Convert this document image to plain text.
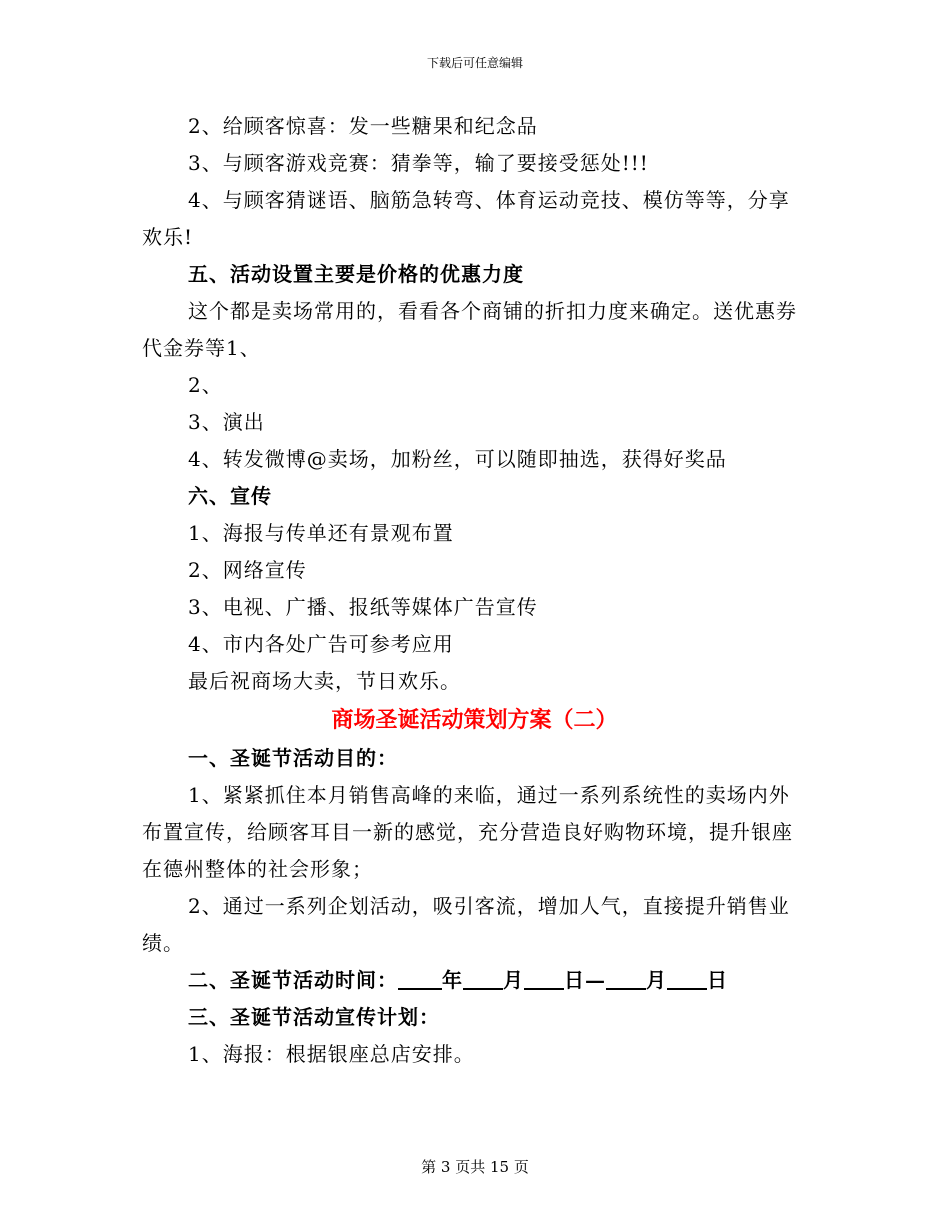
下载后可任意编辑

2、给顾客惊喜：发一些糖果和纪念品

3、与顾客游戏竞赛：猜拳等，输了要接受惩处!!!

4、与顾客猜谜语、脑筋急转弯、体育运动竞技、模仿等等，分享欢乐!

五、活动设置主要是价格的优惠力度

这个都是卖场常用的，看看各个商铺的折扣力度来确定。送优惠券代金券等1、

2、

3、演出

4、转发微博@卖场，加粉丝，可以随即抽选，获得好奖品

六、宣传

1、海报与传单还有景观布置

2、网络宣传

3、电视、广播、报纸等媒体广告宣传

4、市内各处广告可参考应用

最后祝商场大卖，节日欢乐。

商场圣诞活动策划方案（二）

一、圣诞节活动目的：

1、紧紧抓住本月销售高峰的来临，通过一系列系统性的卖场内外布置宣传，给顾客耳目一新的感觉，充分营造良好购物环境，提升银座在德州整体的社会形象；

2、通过一系列企划活动，吸引客流，增加人气，直接提升销售业绩。

二、圣诞节活动时间： 年 月 日— 月 日

三、圣诞节活动宣传计划：

1、海报：根据银座总店安排。

第 3 页共 15 页
